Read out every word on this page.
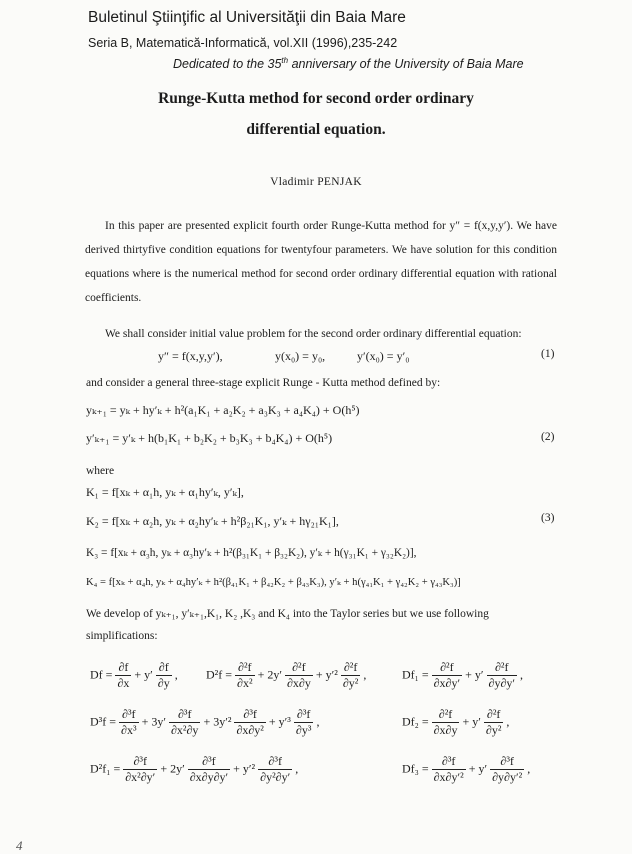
Buletinul Ştiinţific al Universităţii din Baia Mare
Seria B, Matematică-Informatică, vol.XII (1996),235-242
Dedicated to the 35th anniversary of the University of Baia Mare
Runge-Kutta method for second order ordinary
differential equation.
Vladimir PENJAK
In this paper are presented explicit fourth order Runge-Kutta method for y″ = f(x,y,y′). We have derived thirtyfive condition equations for twentyfour parameters. We have solution for this condition equations where is the numerical method for second order ordinary differential equation with rational coefficients.
We shall consider initial value problem for the second order ordinary differential equation:
y″ = f(x,y,y′),	y(x₀) = y₀,	y′(x₀) = y′₀	(1)
and consider a general three-stage explicit Runge - Kutta method defined by:
yₖ₊₁ = yₖ + hy′ₖ + h²(a₁K₁ + a₂K₂ + a₃K₃ + a₄K₄) + O(h⁵)
y′ₖ₊₁ = y′ₖ + h(b₁K₁ + b₂K₂ + b₃K₃ + b₄K₄) + O(h⁵)	(2)
where
K₁ = f[xₖ + α₁h, yₖ + α₁hy′ₖ, y′ₖ],
K₂ = f[xₖ + α₂h, yₖ + α₂hy′ₖ + h²β₂₁K₁, y′ₖ + hγ₂₁K₁],	(3)
K₃ = f[xₖ + α₃h, yₖ + α₃hy′ₖ + h²(β₃₁K₁ + β₃₂K₂), y′ₖ + h(γ₃₁K₁ + γ₃₂K₂)],
K₄ = f[xₖ + α₄h, yₖ + α₄hy′ₖ + h²(β₄₁K₁ + β₄₂K₂ + β₄₃K₃), y′ₖ + h(γ₄₁K₁ + γ₄₂K₂ + γ₄₃K₃)]
We develop of yₖ₊₁, y′ₖ₊₁,K₁, K₂ ,K₃ and K₄ into the Taylor series but we use following
simplifications:
$Df = \frac{\partial f}{\partial x} + y' \frac{\partial f}{\partial y}$ , $D^2f = \frac{\text{∂²f}}{\text{∂x²}} + 2y' \frac{\text{∂²f}}{\partial x\partial y} + y'^2 \frac{\text{∂²f}}{\text{∂y²}}$ ,	$Df_1 = \frac{\text{∂²f}}{\partial x\partial y'} + y' \frac{\text{∂²f}}{\partial y\partial y'}$ ,
$D^3f = \frac{\text{∂³f}}{\text{∂x³}} + 3y' \frac{\text{∂³f}}{\text{∂x²∂y}} + 3y'^2 \frac{\text{∂³f}}{\text{∂x∂y²}} + y'^3 \frac{\text{∂³f}}{\text{∂y³}}$ ,	$Df_2 = \frac{\text{∂²f}}{\partial x\partial y} + y' \frac{\text{∂²f}}{\text{∂y²}}$ ,
$D^2f_1 = \frac{\text{∂³f}}{\text{∂x²∂y′}} + 2y' \frac{\text{∂³f}}{\partial x\partial y\partial y'} + y'^2 \frac{\text{∂³f}}{\text{∂y²∂y′}}$ ,	$Df_3 = \frac{\text{∂³f}}{\text{∂x∂y′²}} + y' \frac{\text{∂³f}}{\text{∂y∂y′²}}$ ,
4
